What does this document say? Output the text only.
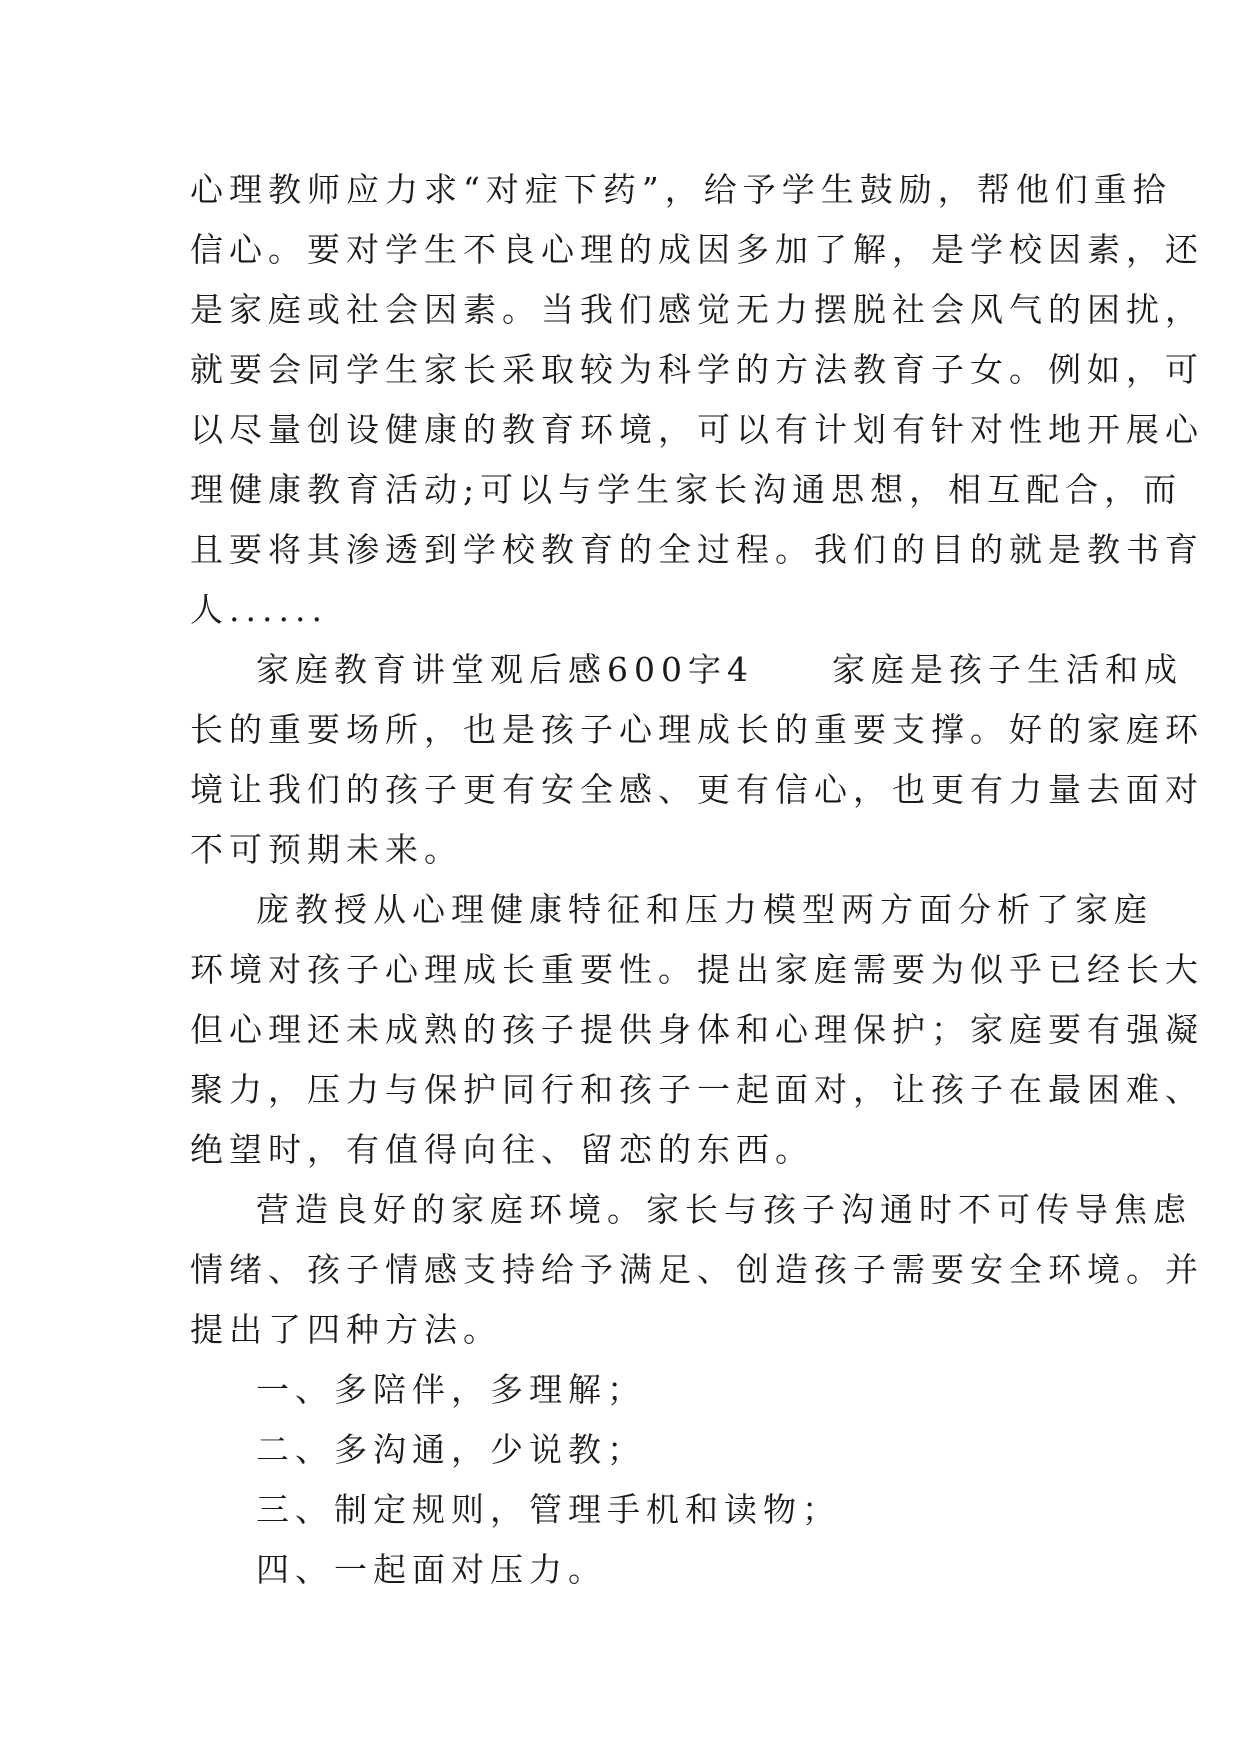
心理教师应力求“对症下药”，给予学生鼓励，帮他们重拾
信心。要对学生不良心理的成因多加了解，是学校因素，还
是家庭或社会因素。当我们感觉无力摆脱社会风气的困扰，
就要会同学生家长采取较为科学的方法教育子女。例如，可
以尽量创设健康的教育环境，可以有计划有针对性地开展心
理健康教育活动;可以与学生家长沟通思想，相互配合，而
且要将其渗透到学校教育的全过程。我们的目的就是教书育
人......
家庭教育讲堂观后感600字4　　家庭是孩子生活和成
长的重要场所，也是孩子心理成长的重要支撑。好的家庭环
境让我们的孩子更有安全感、更有信心，也更有力量去面对
不可预期未来。
庞教授从心理健康特征和压力模型两方面分析了家庭
环境对孩子心理成长重要性。提出家庭需要为似乎已经长大
但心理还未成熟的孩子提供身体和心理保护；家庭要有强凝
聚力，压力与保护同行和孩子一起面对，让孩子在最困难、
绝望时，有值得向往、留恋的东西。
营造良好的家庭环境。家长与孩子沟通时不可传导焦虑
情绪、孩子情感支持给予满足、创造孩子需要安全环境。并
提出了四种方法。
一、多陪伴，多理解；
二、多沟通，少说教；
三、制定规则，管理手机和读物；
四、一起面对压力。
